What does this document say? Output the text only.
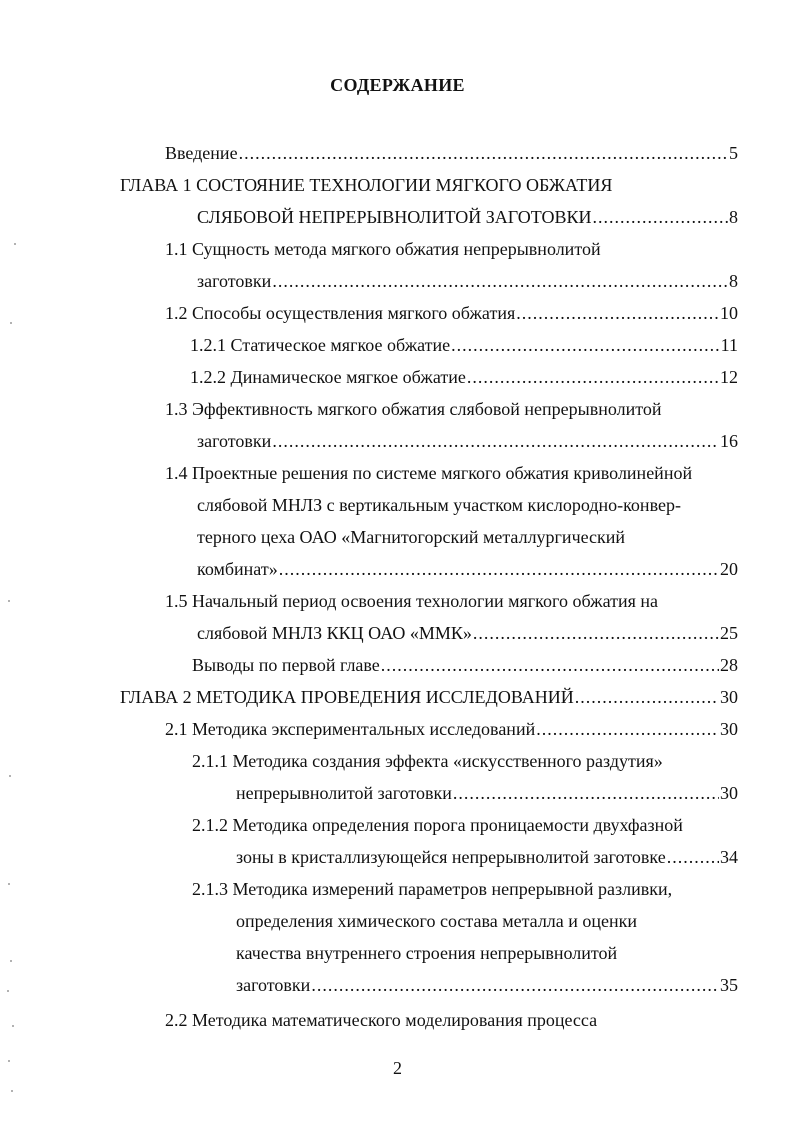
СОДЕРЖАНИЕ
Введение .....	5
ГЛАВА 1 СОСТОЯНИЕ ТЕХНОЛОГИИ МЯГКОГО ОБЖАТИЯ
СЛЯБОВОЙ НЕПРЕРЫВНОЛИТОЙ ЗАГОТОВКИ .....	8
1.1 Сущность метода мягкого обжатия непрерывнолитой
заготовки .....	8
1.2 Способы осуществления мягкого обжатия .....	10
1.2.1 Статическое мягкое обжатие .....	11
1.2.2 Динамическое мягкое обжатие .....	12
1.3 Эффективность мягкого обжатия слябовой непрерывнолитой
заготовки .....	16
1.4 Проектные решения по системе мягкого обжатия криволинейной
слябовой МНЛЗ с вертикальным участком кислородно-конвер-
терного цеха ОАО «Магнитогорский металлургический
комбинат» .....	20
1.5 Начальный период освоения технологии мягкого обжатия на
слябовой МНЛЗ ККЦ ОАО «ММК» .....	25
Выводы по первой главе .....	28
ГЛАВА 2 МЕТОДИКА ПРОВЕДЕНИЯ ИССЛЕДОВАНИЙ .....	30
2.1 Методика экспериментальных исследований .....	30
2.1.1 Методика создания эффекта «искусственного раздутия»
непрерывнолитой заготовки .....	30
2.1.2 Методика определения порога проницаемости двухфазной
зоны в кристаллизующейся непрерывнолитой заготовке .....	34
2.1.3 Методика измерений параметров непрерывной разливки,
определения химического состава металла и оценки
качества внутреннего строения непрерывнолитой
заготовки .....	35
2.2 Методика математического моделирования процесса
2
